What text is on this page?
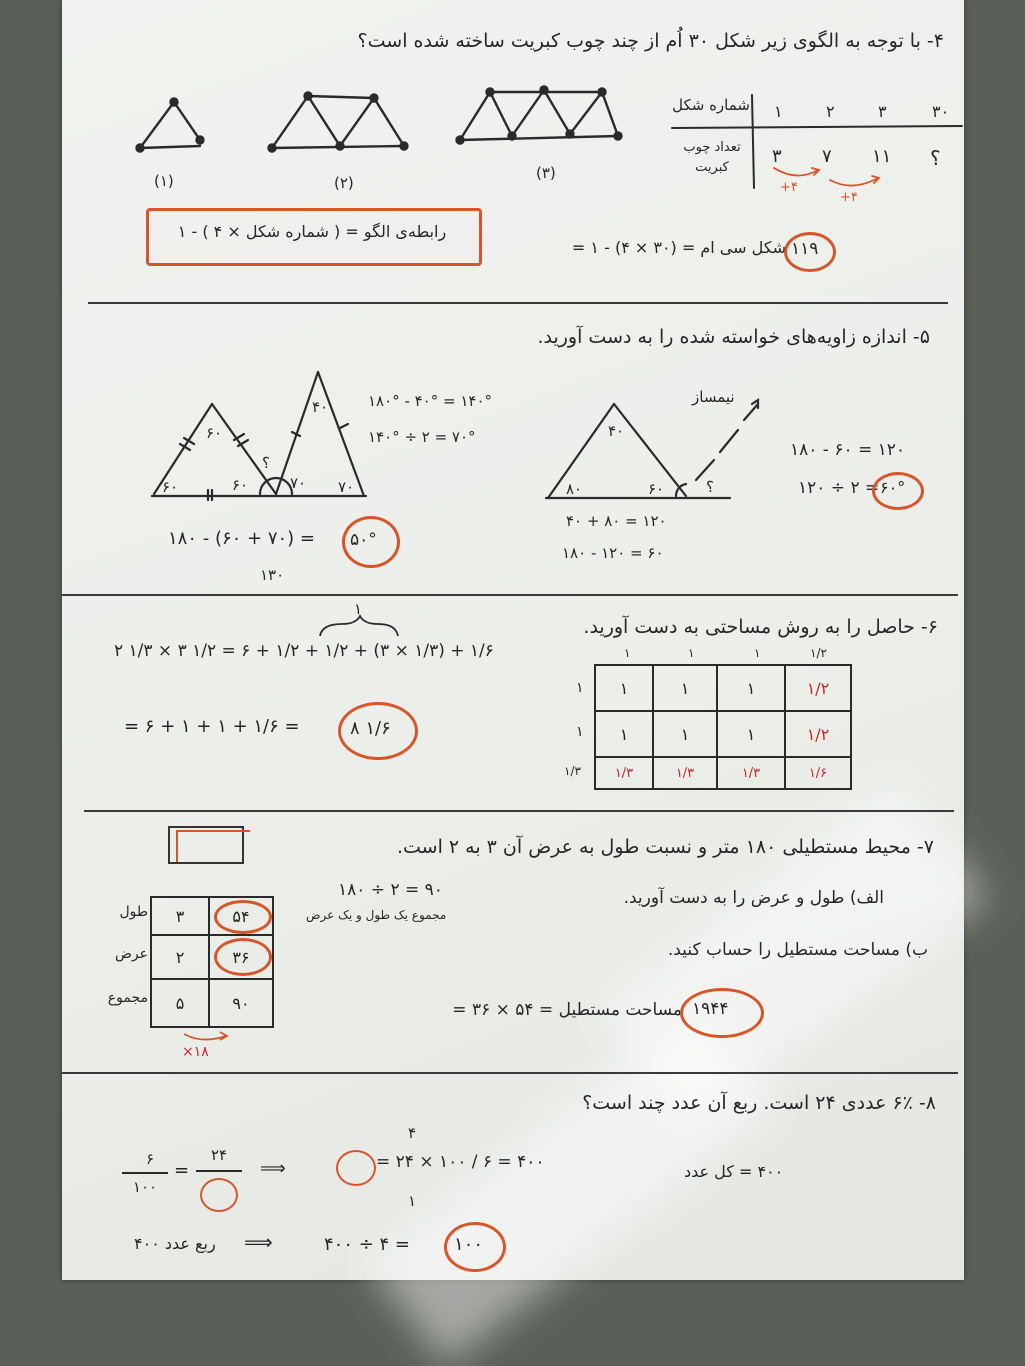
۴- با توجه به الگوی زیر شکل ۳۰ اُم از چند چوب کبریت ساخته شده است؟
(۱)	(۲)
(۳)
شماره شکل ۱	۲	۳	۳۰
تعداد چوب
کبریت
۳ ۷ ۱۱ ؟
+۴
+۴
رابطه‌ی الگو = ( شماره شکل × ۴ ) - ۱
شکل سی ام = (۳۰ × ۴) - ۱ = ۱۱۹
۵- اندازه زاویه‌های خواسته شده را به دست آورید.
۶۰
۶۰	۶۰	۷۰ ۷۰
۴۰
؟
۱۸۰° - ۴۰° = ۱۴۰°
۱۴۰° ÷ ۲ = ۷۰°
۱۸۰ - (۶۰ + ۷۰) =
۱۳۰
۵۰°
۴۰
۸۰	۶۰	؟
نیمساز
۴۰ + ۸۰ = ۱۲۰
۱۸۰ - ۱۲۰ = ۶۰
۱۸۰ - ۶۰ = ۱۲۰
۱۲۰ ÷ ۲ = ۶۰°
۶- حاصل را به روش مساحتی به دست آورید.
۲ ۱/۳ × ۳ ۱/۲ = ۶ + ۱/۲ + ۱/۲ + (۳ × ۱/۳) + ۱/۶
۱
= ۶ + ۱ + ۱ + ۱/۶ =	۸ ۱/۶
۱	۱	۱	۱/۲
۱	۱	۱	۱/۲
۱/۳	۱/۳	۱/۳	۱/۶
۱	۱	۱	۱/۲
۱
۱
۱/۳
۷- محیط مستطیلی ۱۸۰ متر و نسبت طول به عرض آن ۳ به ۲ است.
الف) طول و عرض را به دست آورید.
ب) مساحت مستطیل را حساب کنید.
۱۸۰ ÷ ۲ = ۹۰
مجموع یک طول و یک عرض
۳	۵۴
۲	۳۶
۵	۹۰
طول
عرض
مجموع
×۱۸
مساحت مستطیل = ۵۴ × ۳۶ = ۱۹۴۴
۸- ۶٪ عددی ۲۴ است. ربع آن عدد چند است؟
۶
۱۰۰
=
۲۴
⟹	= ۲۴ × ۱۰۰ / ۶ = ۴۰۰
۴
۱
۴۰۰ = کل عدد
ربع عدد ۴۰۰ ⟹	۴۰۰ ÷ ۴ = ۱۰۰
